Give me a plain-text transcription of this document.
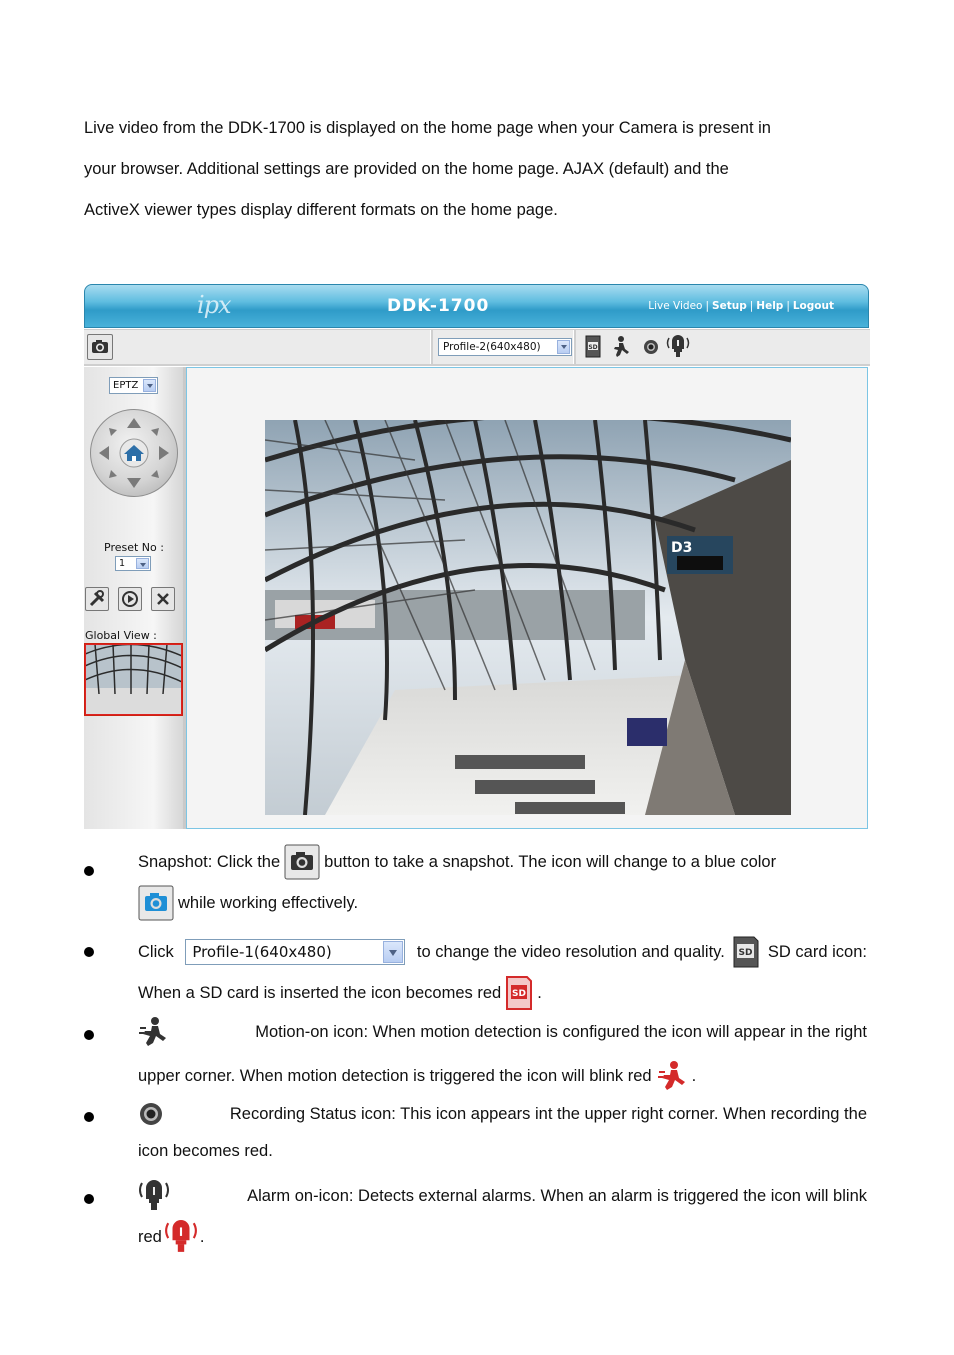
Live video from the DDK-1700 is displayed on the home page when your Camera is present in

your browser. Additional settings are provided on the home page. AJAX (default) and the

ActiveX viewer types display different formats on the home page.

ipx	DDK-1700	Live Video | Setup | Help | Logout
Profile-2(640x480)	SD
EPTZ
Preset No :
1
Global View :
D3
Snapshot: Click the	button to take a snapshot. The icon will change to a blue color
while working effectively.
Click	Profile-1(640x480)	to change the video resolution and quality. SD SD card icon:
When a SD card is inserted the icon becomes red SD .
Motion-on icon: When motion detection is configured the icon will appear in the right
upper corner. When motion detection is triggered the icon will blink red .
Recording Status icon: This icon appears int the upper right corner. When recording the
icon becomes red.
Alarm on-icon: Detects external alarms. When an alarm is triggered the icon will blink
red .
